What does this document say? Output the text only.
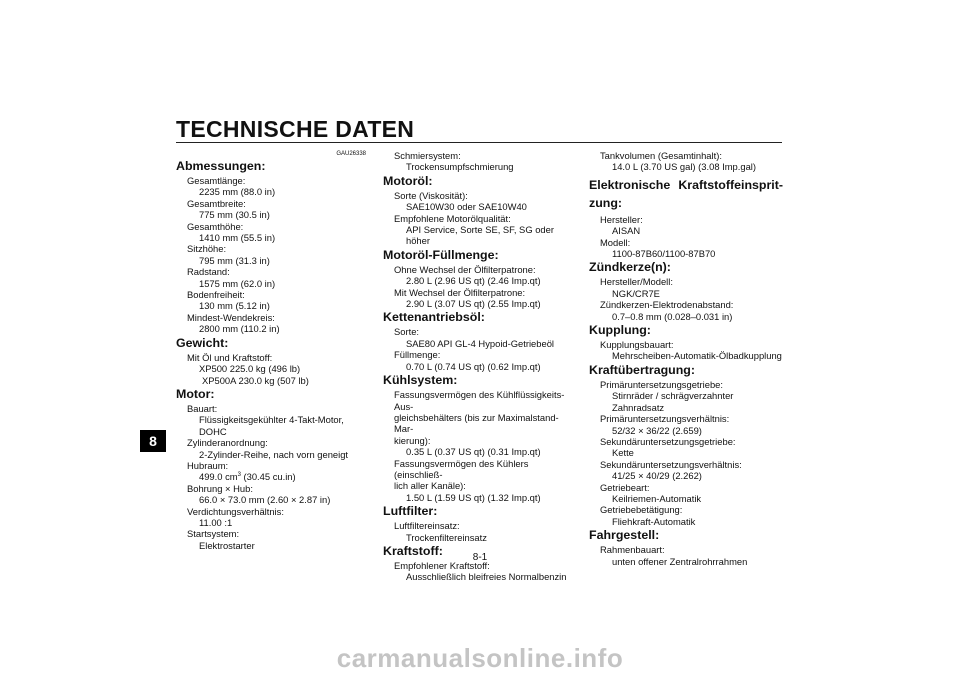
TECHNISCHE DATEN
8
GAU26338
Abmessungen:
Gesamtlänge:
2235 mm (88.0 in)
Gesamtbreite:
775 mm (30.5 in)
Gesamthöhe:
1410 mm (55.5 in)
Sitzhöhe:
795 mm (31.3 in)
Radstand:
1575 mm (62.0 in)
Bodenfreiheit:
130 mm (5.12 in)
Mindest-Wendekreis:
2800 mm (110.2 in)
Gewicht:
Mit Öl und Kraftstoff:
XP500 225.0 kg (496 lb)
XP500A 230.0 kg (507 lb)
Motor:
Bauart:
Flüssigkeitsgekühlter 4-Takt-Motor, DOHC
Zylinderanordnung:
2-Zylinder-Reihe, nach vorn geneigt
Hubraum:
499.0 $cm^3$ (30.45 cu.in)
Bohrung × Hub:
66.0 × 73.0 mm (2.60 × 2.87 in)
Verdichtungsverhältnis:
11.00 :1
Startsystem:
Elektrostarter
Schmiersystem:
Trockensumpfschmierung
Motoröl:
Sorte (Viskosität):
SAE10W30 oder SAE10W40
Empfohlene Motorölqualität:
API Service, Sorte SE, SF, SG oder höher
Motoröl-Füllmenge:
Ohne Wechsel der Ölfilterpatrone:
2.80 L (2.96 US qt) (2.46 Imp.qt)
Mit Wechsel der Ölfilterpatrone:
2.90 L (3.07 US qt) (2.55 Imp.qt)
Kettenantriebsöl:
Sorte:
SAE80 API GL-4 Hypoid-Getriebeöl
Füllmenge:
0.70 L (0.74 US qt) (0.62 Imp.qt)
Kühlsystem:
Fassungsvermögen des Kühlflüssigkeits-Aus-
gleichsbehälters (bis zur Maximalstand-Mar-
kierung):
0.35 L (0.37 US qt) (0.31 Imp.qt)
Fassungsvermögen des Kühlers (einschließ-
lich aller Kanäle):
1.50 L (1.59 US qt) (1.32 Imp.qt)
Luftfilter:
Luftfiltereinsatz:
Trockenfiltereinsatz
Kraftstoff:
Empfohlener Kraftstoff:
Ausschließlich bleifreies Normalbenzin
Tankvolumen (Gesamtinhalt):
14.0 L (3.70 US gal) (3.08 Imp.gal)
Elektronische Kraftstoffeinsprit-
zung:
Hersteller:
AISAN
Modell:
1100-87B60/1100-87B70
Zündkerze(n):
Hersteller/Modell:
NGK/CR7E
Zündkerzen-Elektrodenabstand:
0.7–0.8 mm (0.028–0.031 in)
Kupplung:
Kupplungsbauart:
Mehrscheiben-Automatik-Ölbadkupplung
Kraftübertragung:
Primäruntersetzungsgetriebe:
Stirnräder / schrägverzahnter Zahnradsatz
Primäruntersetzungsverhältnis:
52/32 × 36/22 (2.659)
Sekundäruntersetzungsgetriebe:
Kette
Sekundäruntersetzungsverhältnis:
41/25 × 40/29 (2.262)
Getriebeart:
Keilriemen-Automatik
Getriebebetätigung:
Fliehkraft-Automatik
Fahrgestell:
Rahmenbauart:
unten offener Zentralrohrrahmen
8-1
carmanualsonline.info
